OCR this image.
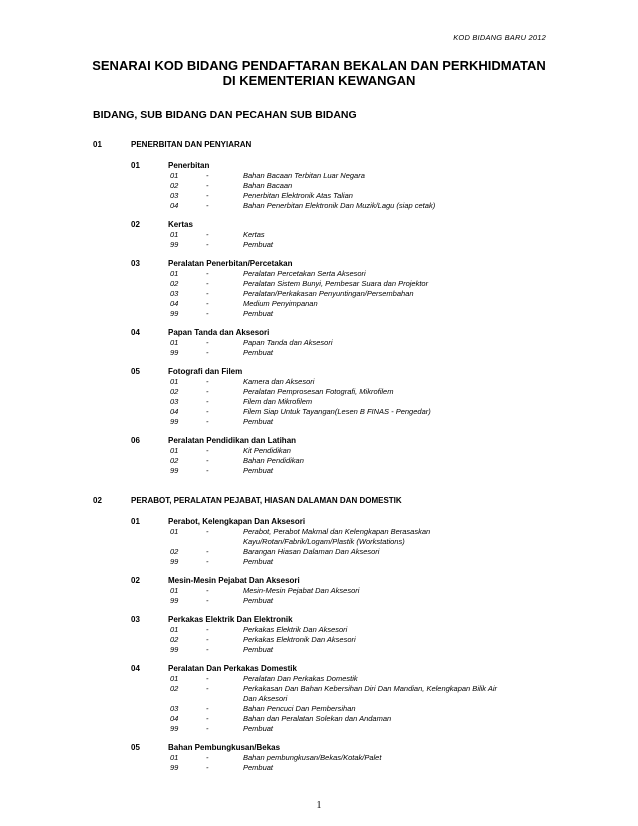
KOD BIDANG BARU 2012
SENARAI KOD BIDANG PENDAFTARAN BEKALAN DAN PERKHIDMATAN
DI KEMENTERIAN KEWANGAN
BIDANG, SUB BIDANG DAN PECAHAN SUB BIDANG
01	PENERBITAN DAN PENYIARAN
01	Penerbitan
01	-	Bahan Bacaan Terbitan Luar Negara
02	-	Bahan Bacaan
03	-	Penerbitan Elektronik Atas Talian
04	-	Bahan Penerbitan Elektronik Dan Muzik/Lagu (siap cetak)
02	Kertas
01	-	Kertas
99	-	Pembuat
03	Peralatan Penerbitan/Percetakan
01	-	Peralatan Percetakan Serta Aksesori
02	-	Peralatan Sistem Bunyi, Pembesar Suara dan Projektor
03	-	Peralatan/Perkakasan Penyuntingan/Persembahan
04	-	Medium Penyimpanan
99	-	Pembuat
04	Papan Tanda dan Aksesori
01	-	Papan Tanda dan Aksesori
99	-	Pembuat
05	Fotografi dan Filem
01	-	Kamera dan Aksesori
02	-	Peralatan Pemprosesan Fotografi, Mikrofilem
03	-	Filem dan Mikrofilem
04	-	Filem Siap Untuk Tayangan(Lesen B FINAS - Pengedar)
99	-	Pembuat
06	Peralatan Pendidikan dan Latihan
01	-	Kit Pendidikan
02	-	Bahan Pendidikan
99	-	Pembuat
02	PERABOT, PERALATAN PEJABAT, HIASAN DALAMAN DAN DOMESTIK
01	Perabot, Kelengkapan Dan Aksesori
01	-	Perabot, Perabot Makmal dan Kelengkapan Berasaskan
Kayu/Rotan/Fabrik/Logam/Plastik (Workstations)
02	-	Barangan Hiasan Dalaman Dan Aksesori
99	-	Pembuat
02	Mesin-Mesin Pejabat Dan Aksesori
01	-	Mesin-Mesin Pejabat Dan Aksesori
99	-	Pembuat
03	Perkakas Elektrik Dan Elektronik
01	-	Perkakas Elektrik Dan Aksesori
02	-	Perkakas Elektronik Dan Aksesori
99	-	Pembuat
04	Peralatan Dan Perkakas Domestik
01	-	Peralatan Dan Perkakas Domestik
02	-	Perkakasan Dan Bahan Kebersihan Diri Dan Mandian, Kelengkapan Bilik Air
Dan Aksesori
03	-	Bahan Pencuci Dan Pembersihan
04	-	Bahan dan Peralatan Solekan dan Andaman
99	-	Pembuat
05	Bahan Pembungkusan/Bekas
01	-	Bahan pembungkusan/Bekas/Kotak/Palet
99	-	Pembuat
1
